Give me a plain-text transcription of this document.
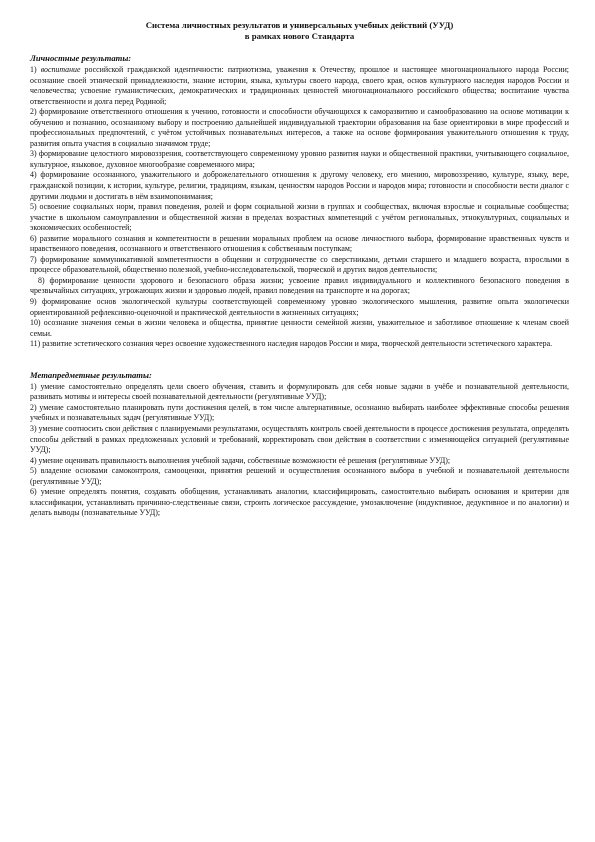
Система личностных результатов и универсальных учебных действий (УУД)

в рамках нового Стандарта

Личностные результаты:

1) воспитание российской гражданской идентичности: патриотизма, уважения к Отечеству, прошлое и настоящее многонационального народа России; осознание своей этнической принадлежности, знание истории, языка, культуры своего народа, своего края, основ культурного наследия народов России и человечества; усвоение гуманистических, демократических и традиционных ценностей многонационального российского общества; воспитание чувства ответственности и долга перед Родиной;

2) формирование ответственного отношения к учению, готовности и способности обучающихся к саморазвитию и самообразованию на основе мотивации к обучению и познанию, осознанному выбору и построению дальнейшей индивидуальной траектории образования на базе ориентировки в мире профессий и профессиональных предпочтений, с учётом устойчивых познавательных интересов, а также на основе формирования уважительного отношения к труду, развития опыта участия в социально значимом труде;

3) формирование целостного мировоззрения, соответствующего современному уровню развития науки и общественной практики, учитывающего социальное, культурное, языковое, духовное многообразие современного мира;

4) формирование осознанного, уважительного и доброжелательного отношения к другому человеку, его мнению, мировоззрению, культуре, языку, вере, гражданской позиции, к истории, культуре, религии, традициям, языкам, ценностям народов России и народов мира; готовности и способности вести диалог с другими людьми и достигать в нём взаимопонимания;

5) освоение социальных норм, правил поведения, ролей и форм социальной жизни в группах и сообществах, включая взрослые и социальные сообщества; участие в школьном самоуправлении и общественной жизни в пределах возрастных компетенций с учётом региональных, этнокультурных, социальных и экономических особенностей;

6) развитие морального сознания и компетентности в решении моральных проблем на основе личностного выбора, формирование нравственных чувств и нравственного поведения, осознанного и ответственного отношения к собственным поступкам;

7) формирование коммуникативной компетентности в общении и сотрудничестве со сверстниками, детьми старшего и младшего возраста, взрослыми в процессе образовательной, общественно полезной, учебно-исследовательской, творческой и других видов деятельности;

8) формирование ценности здорового и безопасного образа жизни; усвоение правил индивидуального и коллективного безопасного поведения в чрезвычайных ситуациях, угрожающих жизни и здоровью людей, правил поведения на транспорте и на дорогах;

9) формирование основ экологической культуры соответствующей современному уровню экологического мышления, развитие опыта экологически ориентированной рефлексивно-оценочной и практической деятельности в жизненных ситуациях;

10) осознание значения семьи в жизни человека и общества, принятие ценности семейной жизни, уважительное и заботливое отношение к членам своей семьи.

11) развитие эстетического сознания через освоение художественного наследия народов России и мира, творческой деятельности эстетического характера.

Метапредметные результаты:

1) умение самостоятельно определять цели своего обучения, ставить и формулировать для себя новые задачи в учёбе и познавательной деятельности, развивать мотивы и интересы своей познавательной деятельности (регулятивные УУД);

2) умение самостоятельно планировать пути достижения целей, в том числе альтернативные, осознанно выбирать наиболее эффективные способы решения учебных и познавательных задач (регулятивные УУД);

3) умение соотносить свои действия с планируемыми результатами, осуществлять контроль своей деятельности в процессе достижения результата, определять способы действий в рамках предложенных условий и требований, корректировать свои действия в соответствии с изменяющейся ситуацией (регулятивные УУД);

4) умение оценивать правильность выполнения учебной задачи, собственные возможности её решения (регулятивные УУД);

5) владение основами самоконтроля, самооценки, принятия решений и осуществления осознанного выбора в учебной и познавательной деятельности (регулятивные УУД);

6) умение определять понятия, создавать обобщения, устанавливать аналогии, классифицировать, самостоятельно выбирать основания и критерии для классификации, устанавливать причинно-следственные связи, строить логическое рассуждение, умозаключение (индуктивное, дедуктивное и по аналогии) и делать выводы (познавательные УУД);
